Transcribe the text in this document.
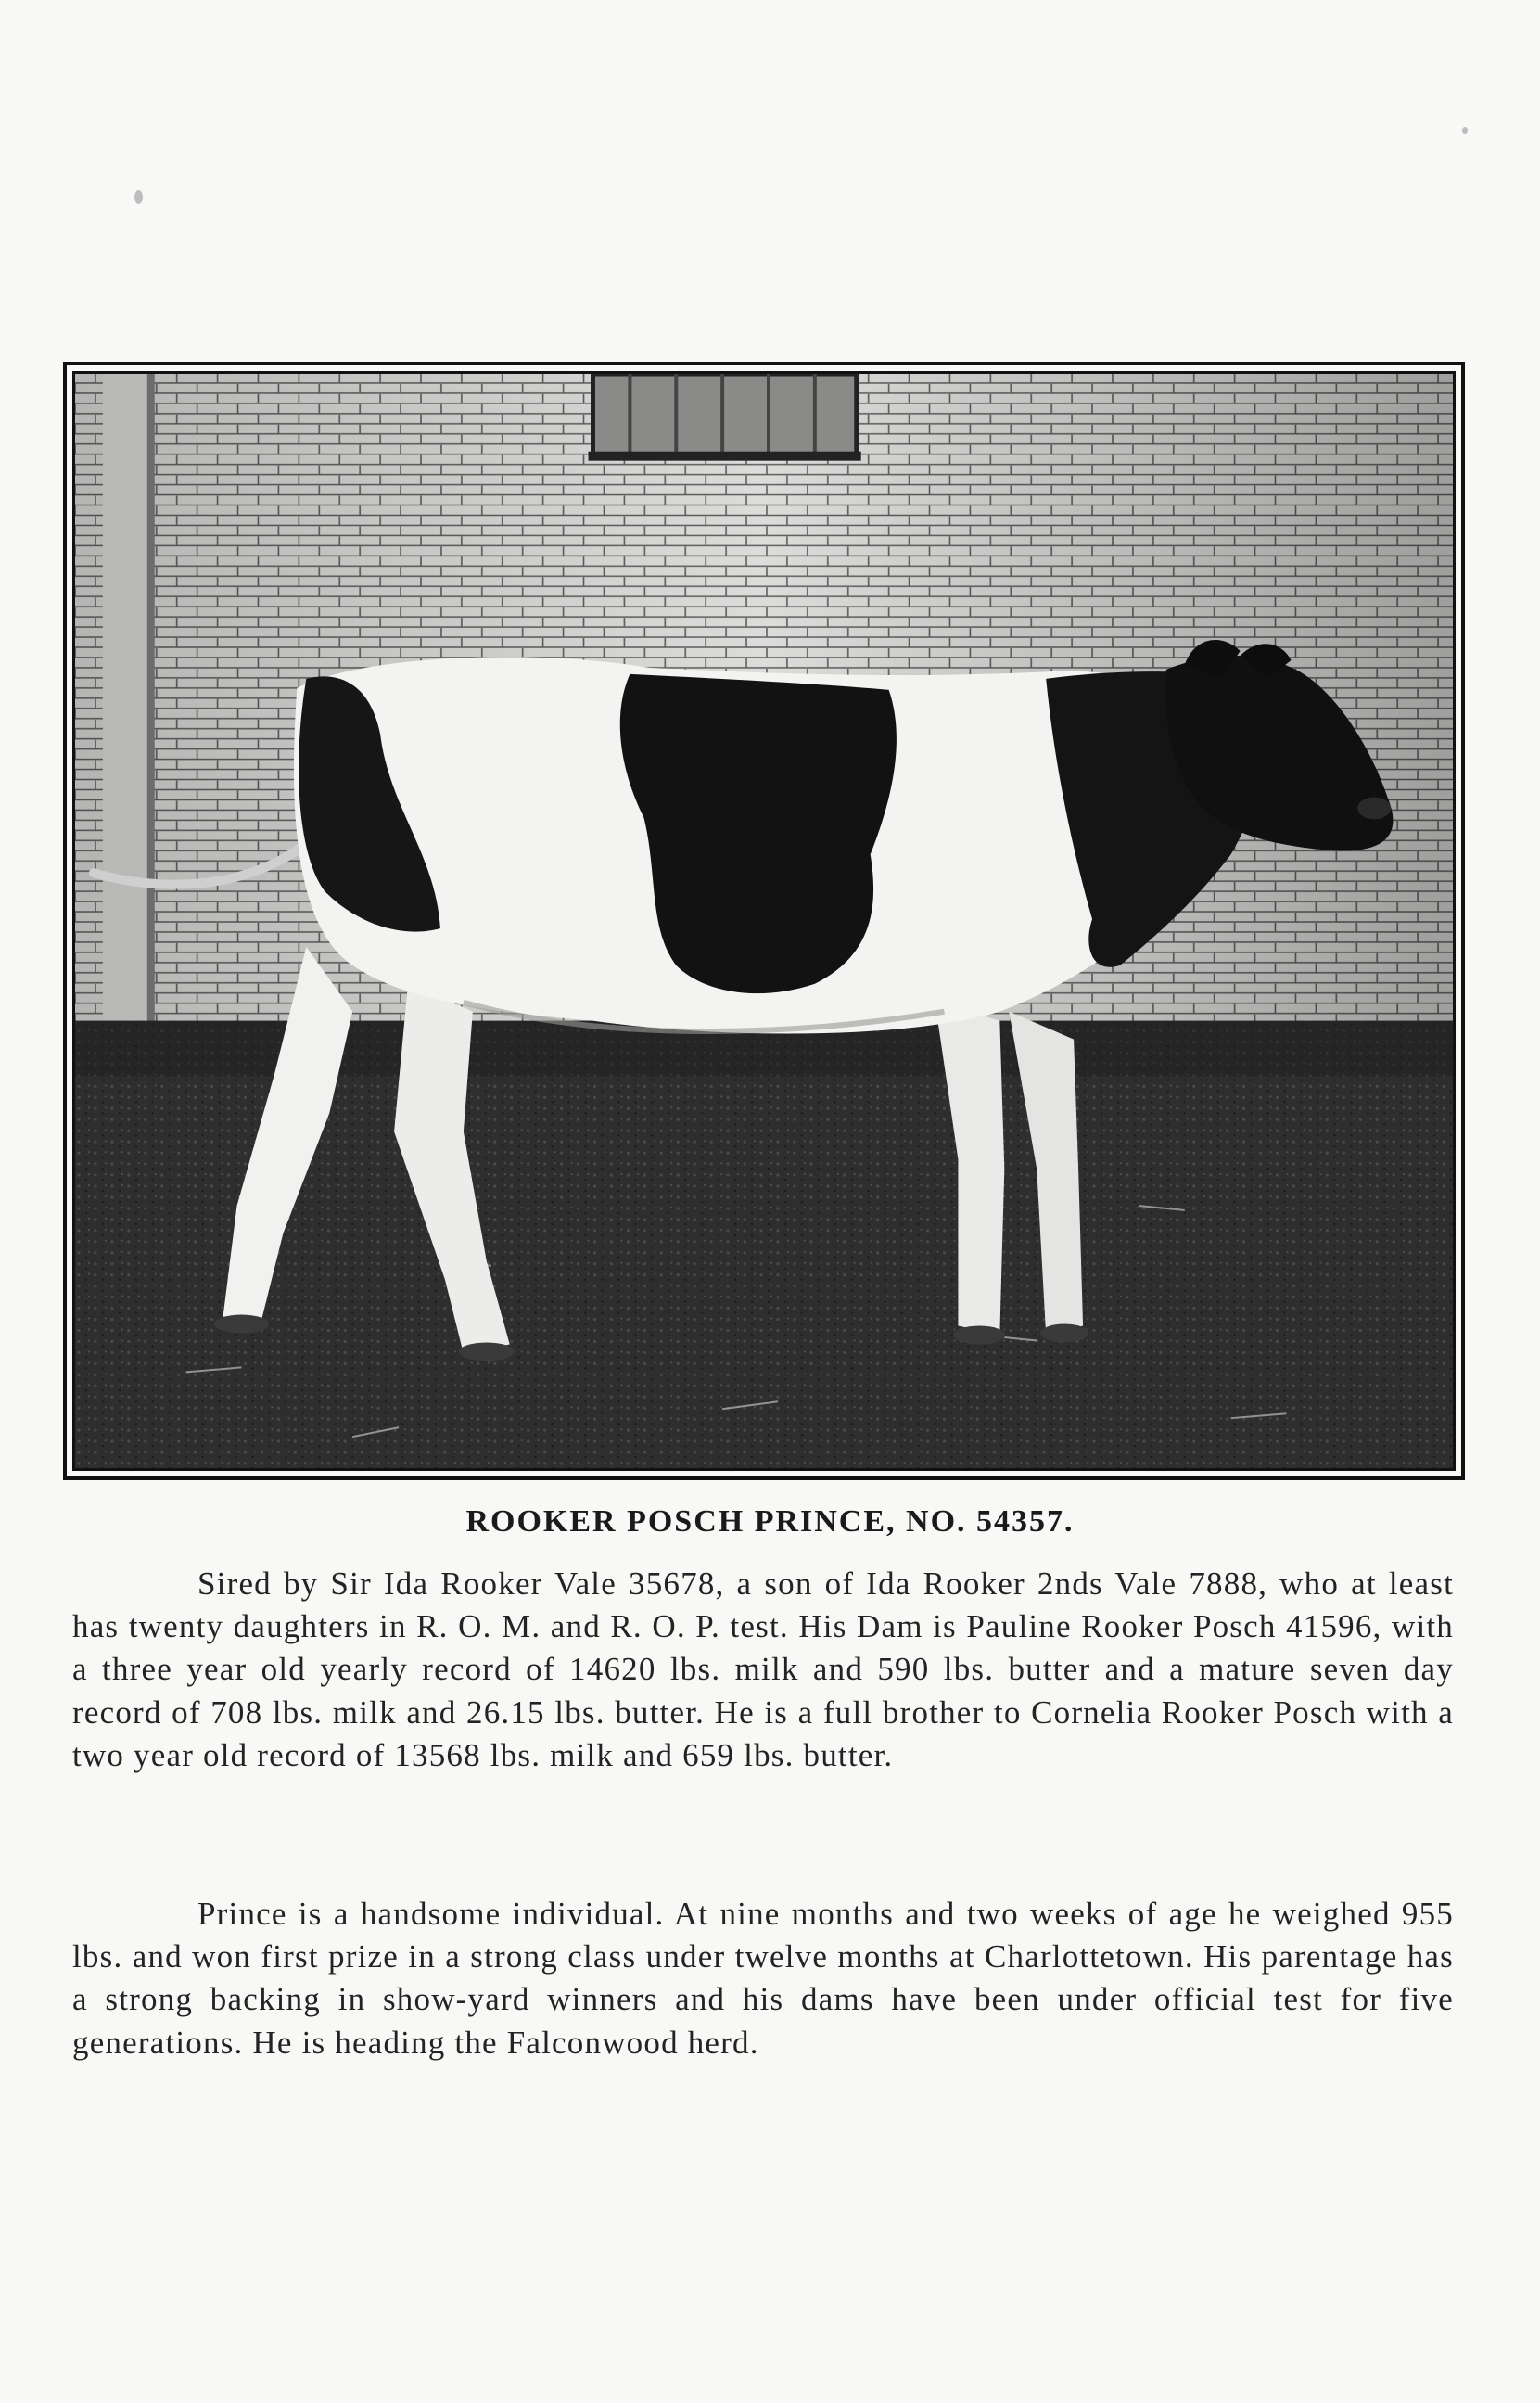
ROOKER POSCH PRINCE, NO. 54357.

Sired by Sir Ida Rooker Vale 35678, a son of Ida Rooker 2nds Vale 7888, who at least has twenty daughters in R. O. M. and R. O. P. test. His Dam is Pauline Rooker Posch 41596, with a three year old yearly record of 14620 lbs. milk and 590 lbs. butter and a mature seven day record of 708 lbs. milk and 26.15 lbs. butter. He is a full brother to Cornelia Rooker Posch with a two year old record of 13568 lbs. milk and 659 lbs. butter.

Prince is a handsome individual. At nine months and two weeks of age he weighed 955 lbs. and won first prize in a strong class under twelve months at Charlottetown. His parentage has a strong backing in show-yard winners and his dams have been under official test for five generations. He is heading the Falconwood herd.
